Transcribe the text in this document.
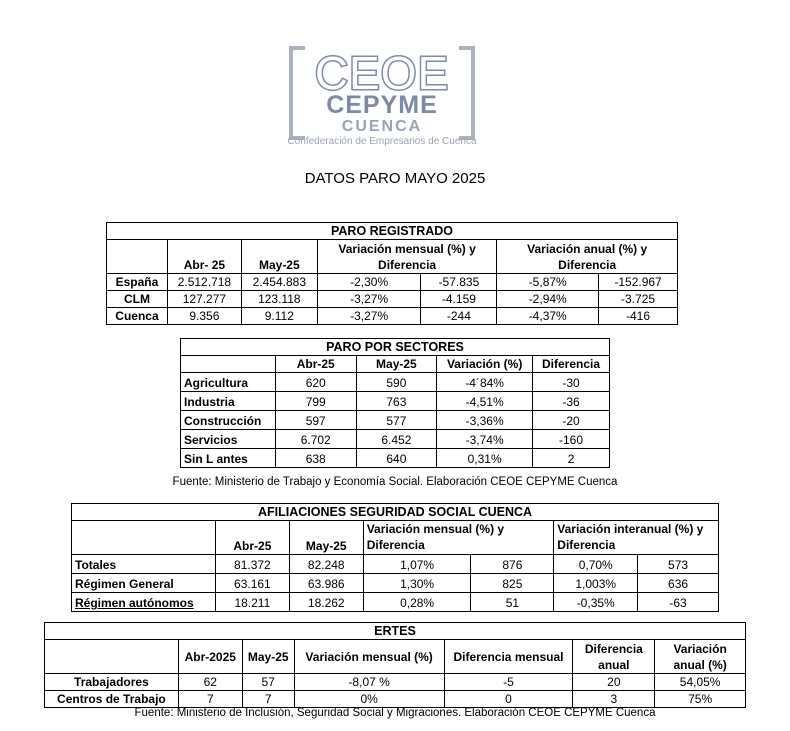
CEOE
CEPYME
CUENCA
Confederación de Empresarios de Cuenca
DATOS PARO MAYO 2025
PARO REGISTRADO						
	Abr- 25	May-25	Variación mensual (%) y Diferencia		Variación anual (%) y Diferencia	
España	2.512.718	2.454.883	-2,30%	-57.835	-5,87%	-152.967
CLM	127.277	123.118	-3,27%	-4.159	-2,94%	-3.725
Cuenca	9.356	9.112	-3,27%	-244	-4,37%	-416
PARO POR SECTORES				
	Abr-25	May-25	Variación (%)	Diferencia
Agricultura	620	590	-4´84%	-30
Industria	799	763	-4,51%	-36
Construcción	597	577	-3,36%	-20
Servicios	6.702	6.452	-3,74%	-160
Sin L antes	638	640	0,31%	2
Fuente: Ministerio de Trabajo y Economía Social. Elaboración CEOE CEPYME Cuenca
AFILIACIONES SEGURIDAD SOCIAL CUENCA						
	Abr-25	May-25	Variación mensual (%) y Diferencia		Variación interanual (%) y Diferencia	
Totales	81.372	82.248	1,07%	876	0,70%	573
Régimen General	63.161	63.986	1,30%	825	1,003%	636
Régimen autónomos	18.211	18.262	0,28%	51	-0,35%	-63
ERTES						
	Abr-2025	May-25	Variación mensual (%)	Diferencia mensual	Diferencia anual	Variación anual (%)
Trabajadores	62	57	-8,07 %	-5	20	54,05%
Centros de Trabajo	7	7	0%	0	3	75%
Fuente: Ministerio de Inclusión, Seguridad Social y Migraciones. Elaboración CEOE CEPYME Cuenca
